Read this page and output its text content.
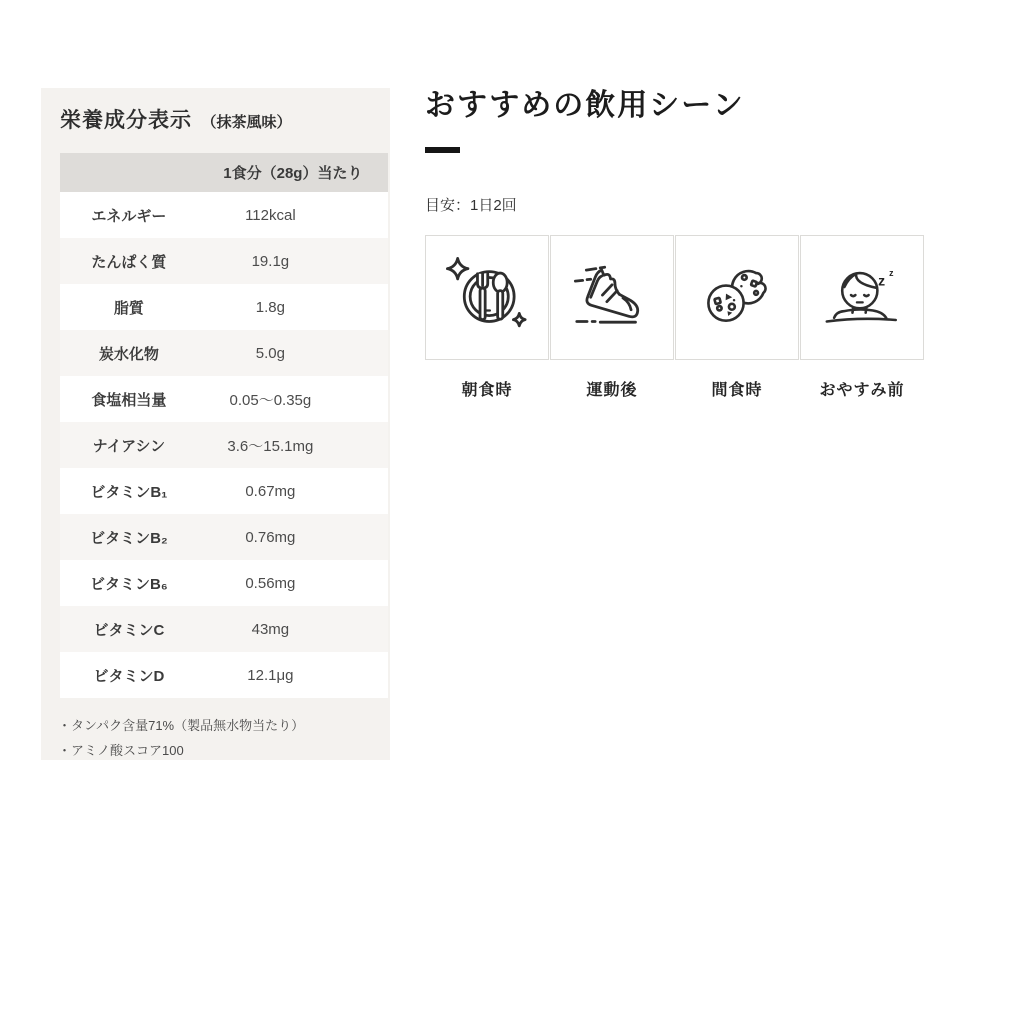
栄養成分表示 （抹茶風味）
	1食分（28g）当たり
エネルギー	112kcal
たんぱく質	19.1g
脂質	1.8g
炭水化物	5.0g
食塩相当量	0.05〜0.35g
ナイアシン	3.6〜15.1mg
ビタミンB₁	0.67mg
ビタミンB₂	0.76mg
ビタミンB₆	0.56mg
ビタミンC	43mg
ビタミンD	12.1μg
・タンパク含量71%（製品無水物当たり）
・アミノ酸スコア100
おすすめの飲用シーン
目安：1日2回
朝食時	運動後	間食時
z z
おやすみ前
